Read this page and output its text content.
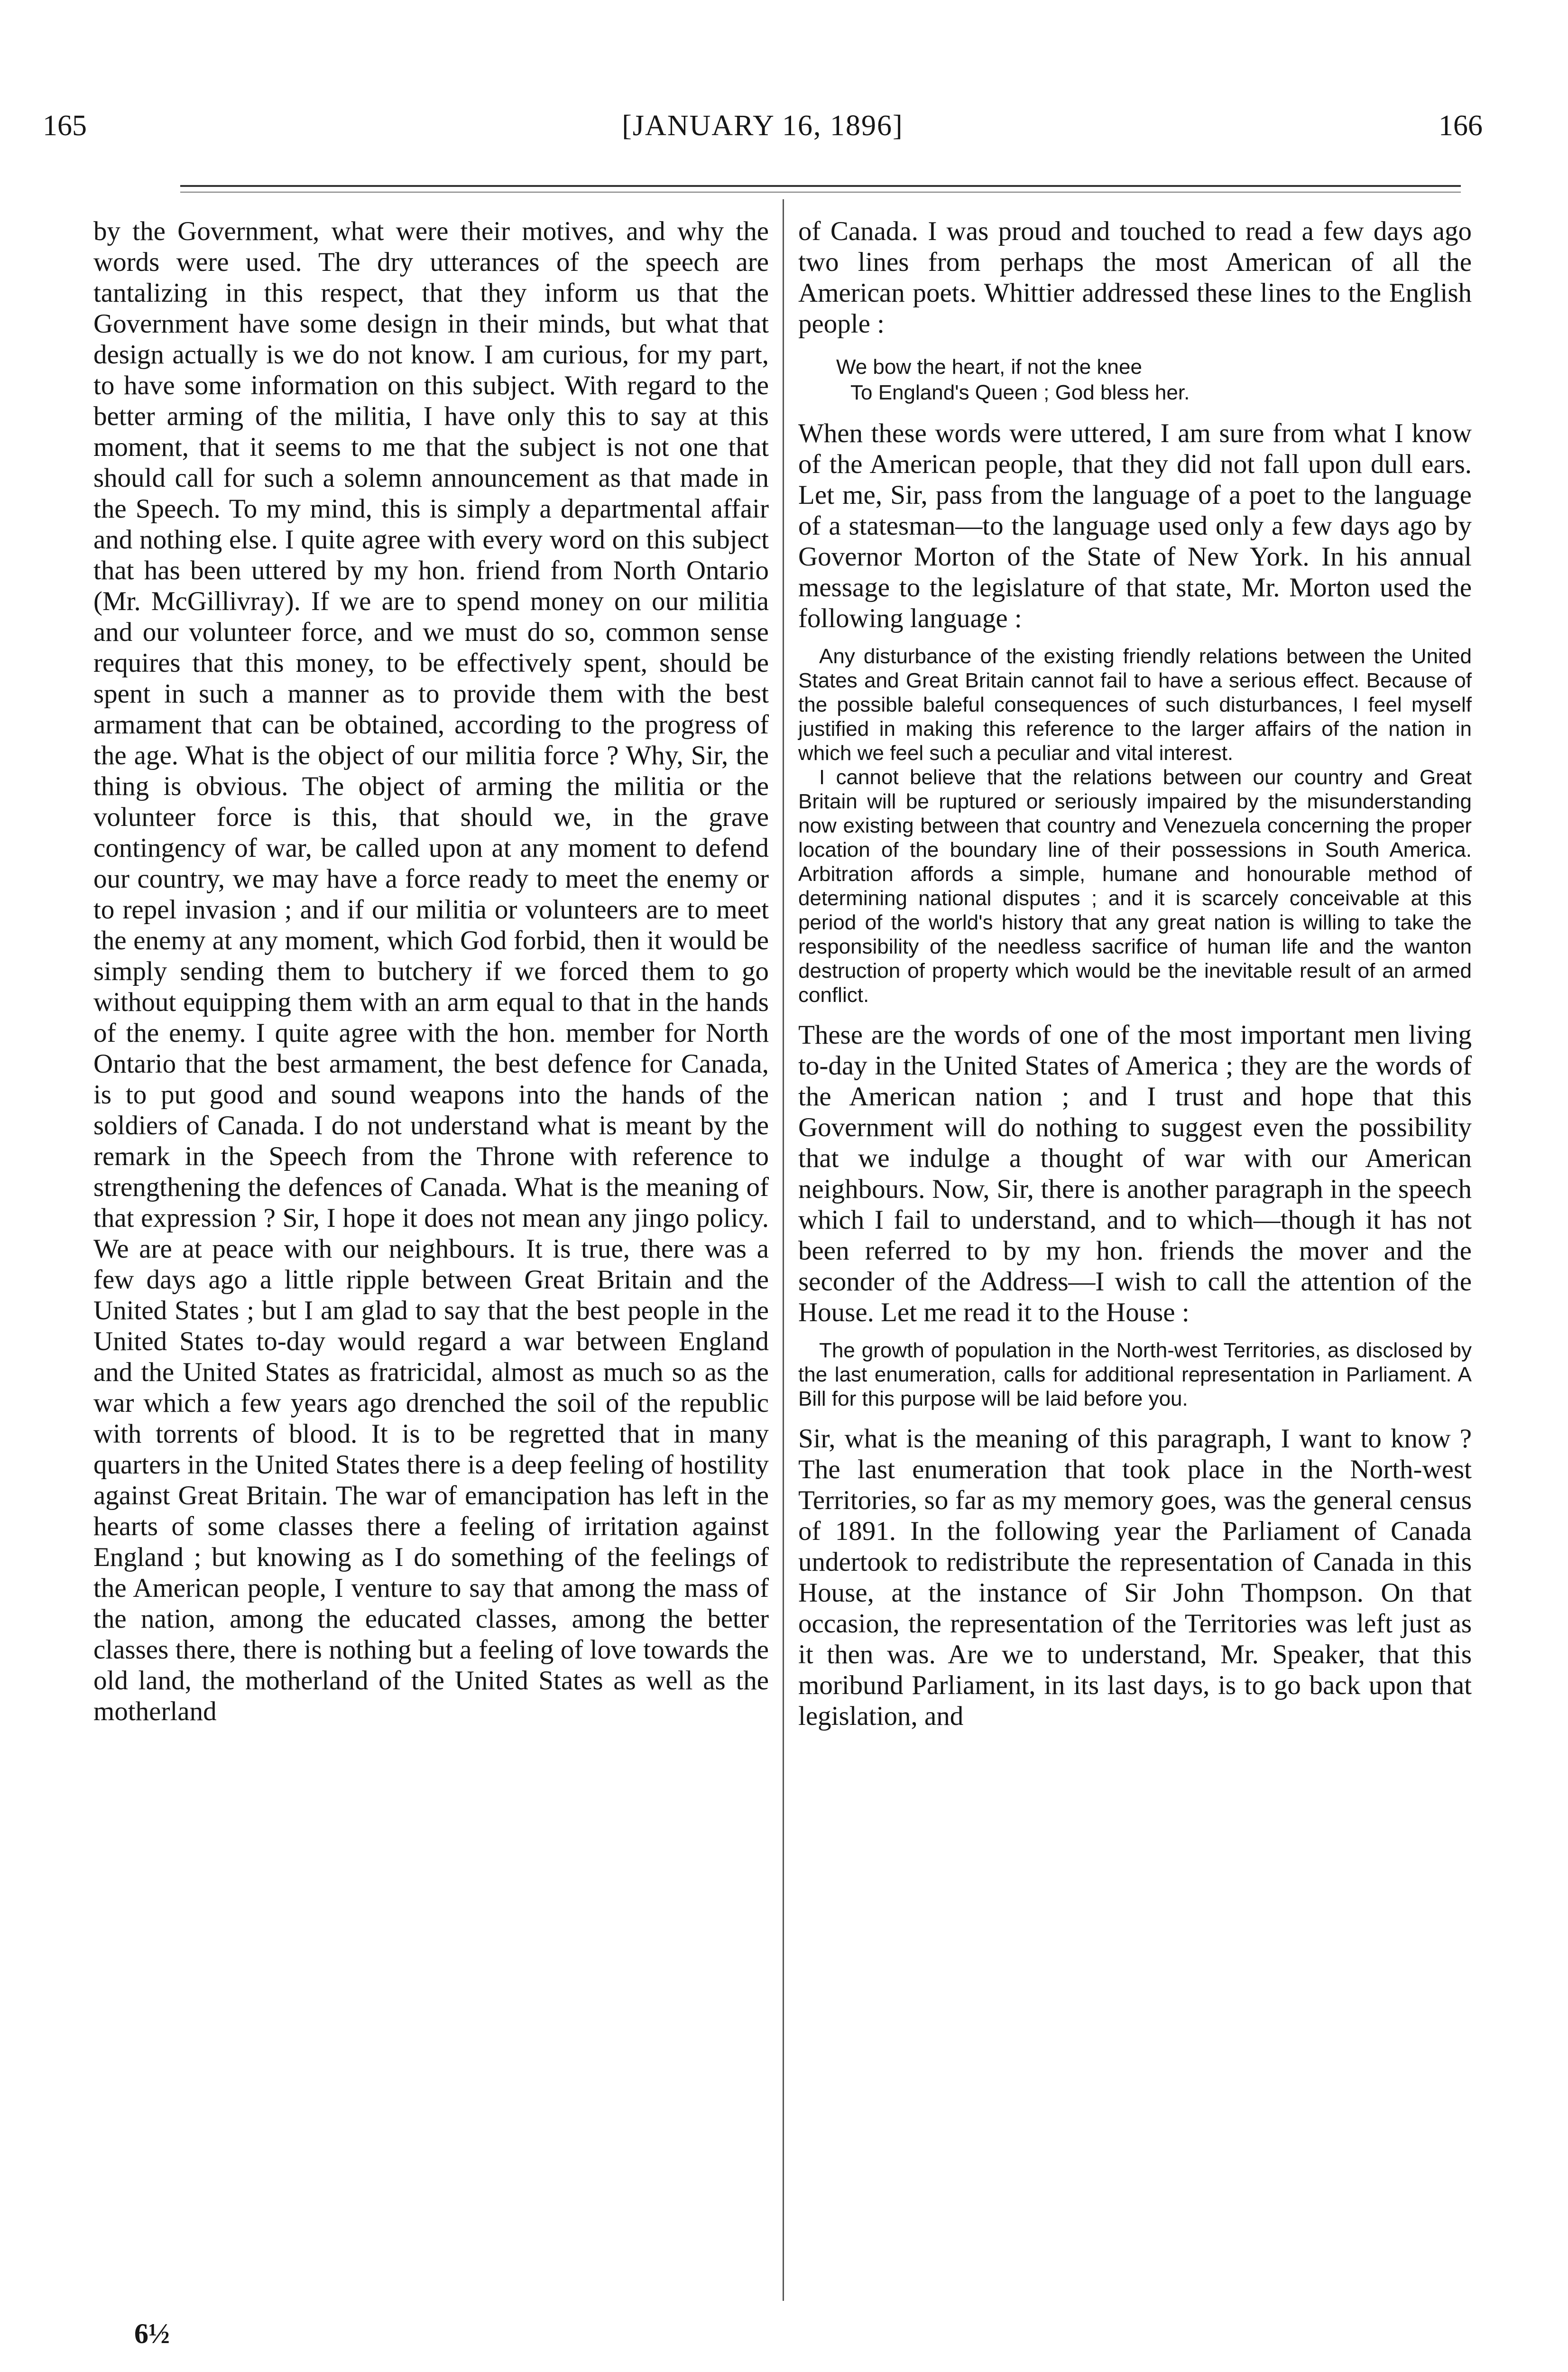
165	[JANUARY 16, 1896]	166

by the Government, what were their motives, and why the words were used. The dry utterances of the speech are tantalizing in this respect, that they inform us that the Government have some design in their minds, but what that design actually is we do not know. I am curious, for my part, to have some information on this subject. With regard to the better arming of the militia, I have only this to say at this moment, that it seems to me that the subject is not one that should call for such a solemn announcement as that made in the Speech. To my mind, this is simply a departmental affair and nothing else. I quite agree with every word on this subject that has been uttered by my hon. friend from North Ontario (Mr. McGillivray). If we are to spend money on our militia and our volunteer force, and we must do so, common sense requires that this money, to be effectively spent, should be spent in such a manner as to provide them with the best armament that can be obtained, according to the progress of the age. What is the object of our militia force ? Why, Sir, the thing is obvious. The object of arming the militia or the volunteer force is this, that should we, in the grave contingency of war, be called upon at any moment to defend our country, we may have a force ready to meet the enemy or to repel invasion ; and if our militia or volunteers are to meet the enemy at any moment, which God forbid, then it would be simply sending them to butchery if we forced them to go without equipping them with an arm equal to that in the hands of the enemy. I quite agree with the hon. member for North Ontario that the best armament, the best defence for Canada, is to put good and sound weapons into the hands of the soldiers of Canada. I do not understand what is meant by the remark in the Speech from the Throne with reference to strengthening the defences of Canada. What is the meaning of that expression ? Sir, I hope it does not mean any jingo policy. We are at peace with our neighbours. It is true, there was a few days ago a little ripple between Great Britain and the United States ; but I am glad to say that the best people in the United States to-day would regard a war between England and the United States as fratricidal, almost as much so as the war which a few years ago drenched the soil of the republic with torrents of blood. It is to be regretted that in many quarters in the United States there is a deep feeling of hostility against Great Britain. The war of emancipation has left in the hearts of some classes there a feeling of irritation against England ; but knowing as I do something of the feelings of the American people, I venture to say that among the mass of the nation, among the educated classes, among the better classes there, there is nothing but a feeling of love towards the old land, the motherland of the United States as well as the motherland

of Canada. I was proud and touched to read a few days ago two lines from perhaps the most American of all the American poets. Whittier addressed these lines to the English people :

We bow the heart, if not the knee
To England's Queen ; God bless her.

When these words were uttered, I am sure from what I know of the American people, that they did not fall upon dull ears. Let me, Sir, pass from the language of a poet to the language of a statesman—to the language used only a few days ago by Governor Morton of the State of New York. In his annual message to the legislature of that state, Mr. Morton used the following language :

Any disturbance of the existing friendly relations between the United States and Great Britain cannot fail to have a serious effect. Because of the possible baleful consequences of such disturbances, I feel myself justified in making this reference to the larger affairs of the nation in which we feel such a peculiar and vital interest.

I cannot believe that the relations between our country and Great Britain will be ruptured or seriously impaired by the misunderstanding now existing between that country and Venezuela concerning the proper location of the boundary line of their possessions in South America. Arbitration affords a simple, humane and honourable method of determining national disputes ; and it is scarcely conceivable at this period of the world's history that any great nation is willing to take the responsibility of the needless sacrifice of human life and the wanton destruction of property which would be the inevitable result of an armed conflict.

These are the words of one of the most important men living to-day in the United States of America ; they are the words of the American nation ; and I trust and hope that this Government will do nothing to suggest even the possibility that we indulge a thought of war with our American neighbours. Now, Sir, there is another paragraph in the speech which I fail to understand, and to which—though it has not been referred to by my hon. friends the mover and the seconder of the Address—I wish to call the attention of the House. Let me read it to the House :

The growth of population in the North-west Territories, as disclosed by the last enumeration, calls for additional representation in Parliament. A Bill for this purpose will be laid before you.

Sir, what is the meaning of this paragraph, I want to know ? The last enumeration that took place in the North-west Territories, so far as my memory goes, was the general census of 1891. In the following year the Parliament of Canada undertook to redistribute the representation of Canada in this House, at the instance of Sir John Thompson. On that occasion, the representation of the Territories was left just as it then was. Are we to understand, Mr. Speaker, that this moribund Parliament, in its last days, is to go back upon that legislation, and

6½
